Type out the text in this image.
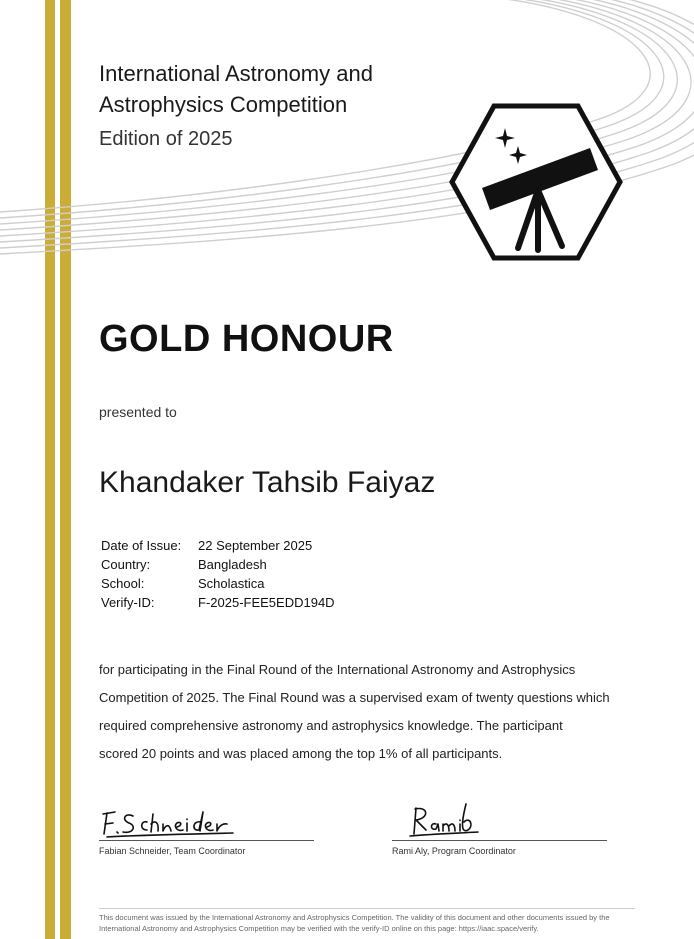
International Astronomy and
Astrophysics Competition
Edition of 2025
GOLD HONOUR
presented to
Khandaker Tahsib Faiyaz
Date of Issue:	22 September 2025
Country:	Bangladesh
School:	Scholastica
Verify-ID:	F-2025-FEE5EDD194D
for participating in the Final Round of the International Astronomy and Astrophysics
Competition of 2025. The Final Round was a supervised exam of twenty questions which
required comprehensive astronomy and astrophysics knowledge. The participant
scored 20 points and was placed among the top 1% of all participants.
Fabian Schneider, Team Coordinator	Rami Aly, Program Coordinator
This document was issued by the International Astronomy and Astrophysics Competition. The validity of this document and other documents issued by the
International Astronomy and Astrophysics Competition may be verified with the verify-ID online on this page: https://iaac.space/verify.
